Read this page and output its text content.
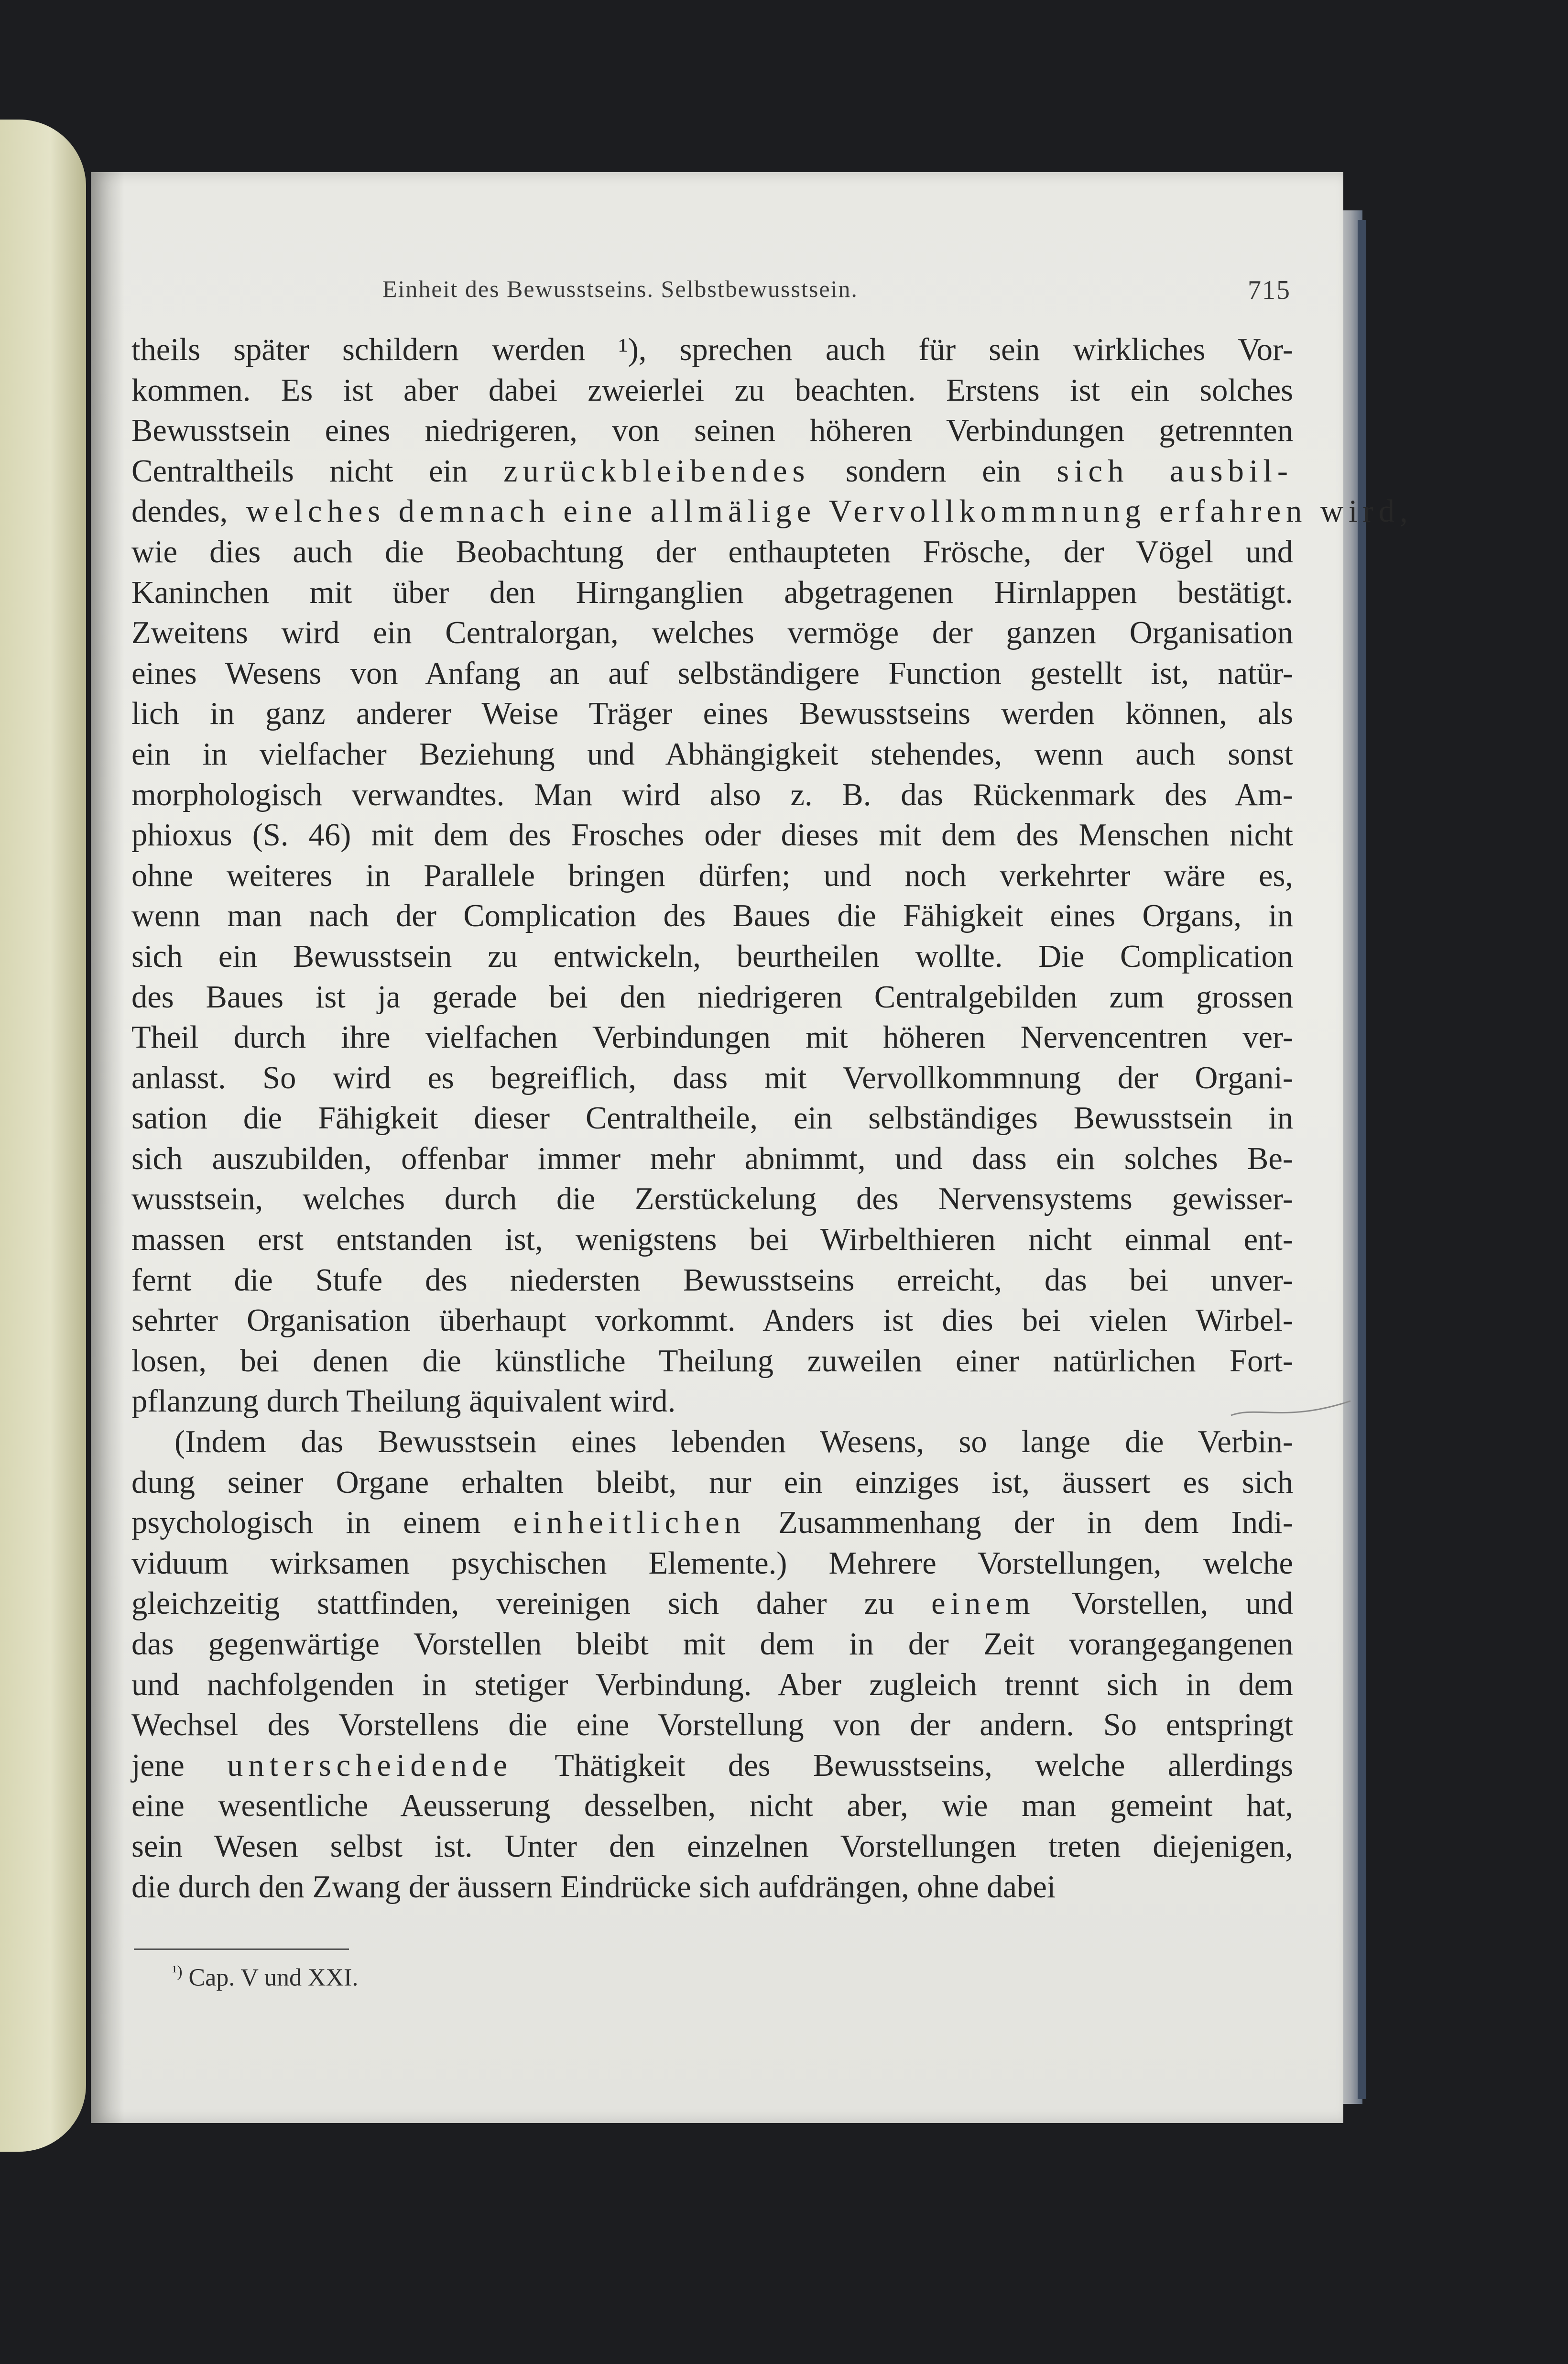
Einheit des Bewusstseins. Selbstbewusstsein.	715
theils später schildern werden ¹), sprechen auch für sein wirkliches Vor-
kommen. Es ist aber dabei zweierlei zu beachten. Erstens ist ein solches
Bewusstsein eines niedrigeren, von seinen höheren Verbindungen getrennten
Centraltheils nicht ein zurückbleibendes sondern ein sich ausbil-
dendes, welches demnach eine allmälige Vervollkommnung erfahren wird,
wie dies auch die Beobachtung der enthaupteten Frösche, der Vögel und
Kaninchen mit über den Hirnganglien abgetragenen Hirnlappen bestätigt.
Zweitens wird ein Centralorgan, welches vermöge der ganzen Organisation
eines Wesens von Anfang an auf selbständigere Function gestellt ist, natür-
lich in ganz anderer Weise Träger eines Bewusstseins werden können, als
ein in vielfacher Beziehung und Abhängigkeit stehendes, wenn auch sonst
morphologisch verwandtes. Man wird also z. B. das Rückenmark des Am-
phioxus (S. 46) mit dem des Frosches oder dieses mit dem des Menschen nicht
ohne weiteres in Parallele bringen dürfen; und noch verkehrter wäre es,
wenn man nach der Complication des Baues die Fähigkeit eines Organs, in
sich ein Bewusstsein zu entwickeln, beurtheilen wollte. Die Complication
des Baues ist ja gerade bei den niedrigeren Centralgebilden zum grossen
Theil durch ihre vielfachen Verbindungen mit höheren Nervencentren ver-
anlasst. So wird es begreiflich, dass mit Vervollkommnung der Organi-
sation die Fähigkeit dieser Centraltheile, ein selbständiges Bewusstsein in
sich auszubilden, offenbar immer mehr abnimmt, und dass ein solches Be-
wusstsein, welches durch die Zerstückelung des Nervensystems gewisser-
massen erst entstanden ist, wenigstens bei Wirbelthieren nicht einmal ent-
fernt die Stufe des niedersten Bewusstseins erreicht, das bei unver-
sehrter Organisation überhaupt vorkommt. Anders ist dies bei vielen Wirbel-
losen, bei denen die künstliche Theilung zuweilen einer natürlichen Fort-
pflanzung durch Theilung äquivalent wird.
(Indem das Bewusstsein eines lebenden Wesens, so lange die Verbin-
dung seiner Organe erhalten bleibt, nur ein einziges ist, äussert es sich
psychologisch in einem einheitlichen Zusammenhang der in dem Indi-
viduum wirksamen psychischen Elemente.) Mehrere Vorstellungen, welche
gleichzeitig stattfinden, vereinigen sich daher zu einem Vorstellen, und
das gegenwärtige Vorstellen bleibt mit dem in der Zeit vorangegangenen
und nachfolgenden in stetiger Verbindung. Aber zugleich trennt sich in dem
Wechsel des Vorstellens die eine Vorstellung von der andern. So entspringt
jene unterscheidende Thätigkeit des Bewusstseins, welche allerdings
eine wesentliche Aeusserung desselben, nicht aber, wie man gemeint hat,
sein Wesen selbst ist. Unter den einzelnen Vorstellungen treten diejenigen,
die durch den Zwang der äussern Eindrücke sich aufdrängen, ohne dabei
$^{^1)}$ Cap. V und XXI.
